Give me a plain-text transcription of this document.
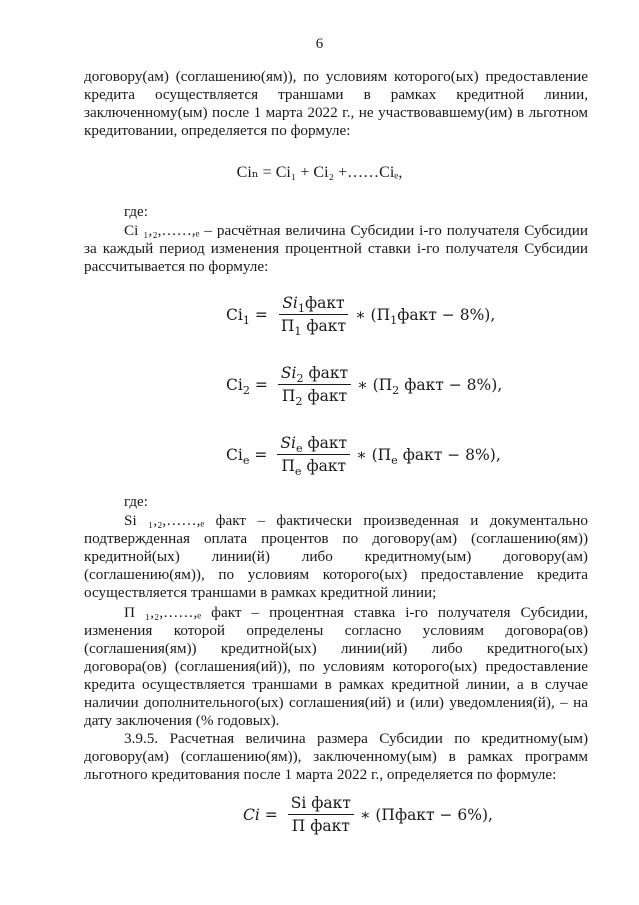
6
договору(ам) (соглашению(ям)), по условиям которого(ых) предоставление кредита осуществляется траншами в рамках кредитной линии, заключенному(ым) после 1 марта 2022 г., не участвовавшему(им) в льготном кредитовании, определяется по формуле:
Ciₙ = Ci₁ + Ci₂ +……Ciₑ,
где:
Ci ₁,₂,……,ₑ – расчётная величина Субсидии i-го получателя Субсидии за каждый период изменения процентной ставки i-го получателя Субсидии рассчитывается по формуле:
$Ci_1 = \frac{Si_1факт}{П_1 факт}$ ∗ $(П_1факт - 8\%)$,
$Ci_2 = \frac{Si_2 факт}{П_2 факт}$ ∗ ($П_2$ факт − 8%),
$Ci_e = \frac{Si_e факт}{П_e факт}$ ∗ ($П_e$ факт − 8%),
где:
Si ₁,₂,……,ₑ факт – фактически произведенная и документально подтвержденная оплата процентов по договору(ам) (соглашению(ям)) кредитной(ых) линии(й) либо кредитному(ым) договору(ам) (соглашению(ям)), по условиям которого(ых) предоставление кредита осуществляется траншами в рамках кредитной линии;
П ₁,₂,……,ₑ факт – процентная ставка i-го получателя Субсидии, изменения которой определены согласно условиям договора(ов) (соглашения(ям)) кредитной(ых) линии(ий) либо кредитного(ых) договора(ов) (соглашения(ий)), по условиям которого(ых) предоставление кредита осуществляется траншами в рамках кредитной линии, а в случае наличии дополнительного(ых) соглашения(ий) и (или) уведомления(й), – на дату заключения (% годовых).
3.9.5. Расчетная величина размера Субсидии по кредитному(ым) договору(ам) (соглашению(ям)), заключенному(ым) в рамках программ льготного кредитования после 1 марта 2022 г., определяется по формуле:
$Ci = \frac{\text{Si факт}}{\text{П факт}}$ ∗ (Пфакт − 6%),
